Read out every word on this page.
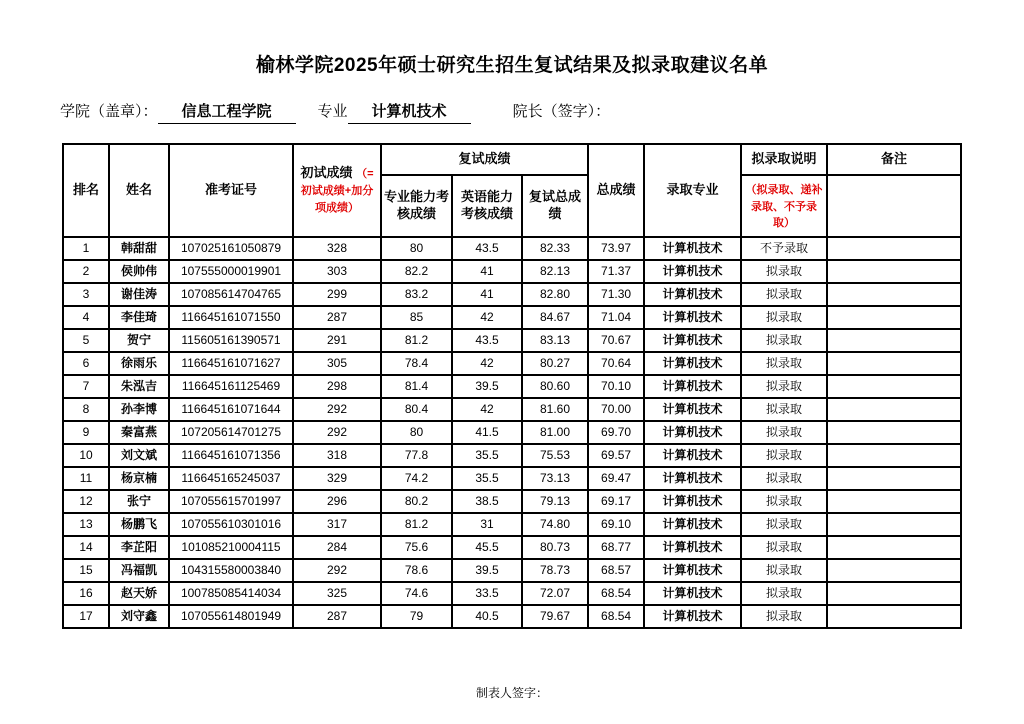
榆林学院2025年硕士研究生招生复试结果及拟录取建议名单
学院（盖章）： 信息工程学院	专业 计算机技术	院长（签字）：
排名	姓名	准考证号	初试成绩 （=初试成绩+加分项成绩）	复试成绩			总成绩	录取专业	拟录取说明	备注
				专业能力考核成绩	英语能力考核成绩	复试总成绩			（拟录取、递补录取、不予录取）	
1	韩甜甜	107025161050879	328	80	43.5	82.33	73.97	计算机技术	不予录取	
2	侯帅伟	107555000019901	303	82.2	41	82.13	71.37	计算机技术	拟录取	
3	谢佳涛	107085614704765	299	83.2	41	82.80	71.30	计算机技术	拟录取	
4	李佳琦	116645161071550	287	85	42	84.67	71.04	计算机技术	拟录取	
5	贺宁	115605161390571	291	81.2	43.5	83.13	70.67	计算机技术	拟录取	
6	徐雨乐	116645161071627	305	78.4	42	80.27	70.64	计算机技术	拟录取	
7	朱泓吉	116645161125469	298	81.4	39.5	80.60	70.10	计算机技术	拟录取	
8	孙李博	116645161071644	292	80.4	42	81.60	70.00	计算机技术	拟录取	
9	秦富燕	107205614701275	292	80	41.5	81.00	69.70	计算机技术	拟录取	
10	刘文斌	116645161071356	318	77.8	35.5	75.53	69.57	计算机技术	拟录取	
11	杨京楠	116645165245037	329	74.2	35.5	73.13	69.47	计算机技术	拟录取	
12	张宁	107055615701997	296	80.2	38.5	79.13	69.17	计算机技术	拟录取	
13	杨鹏飞	107055610301016	317	81.2	31	74.80	69.10	计算机技术	拟录取	
14	李芷阳	101085210004115	284	75.6	45.5	80.73	68.77	计算机技术	拟录取	
15	冯福凯	104315580003840	292	78.6	39.5	78.73	68.57	计算机技术	拟录取	
16	赵天娇	100785085414034	325	74.6	33.5	72.07	68.54	计算机技术	拟录取	
17	刘守鑫	107055614801949	287	79	40.5	79.67	68.54	计算机技术	拟录取	
制表人签字：
